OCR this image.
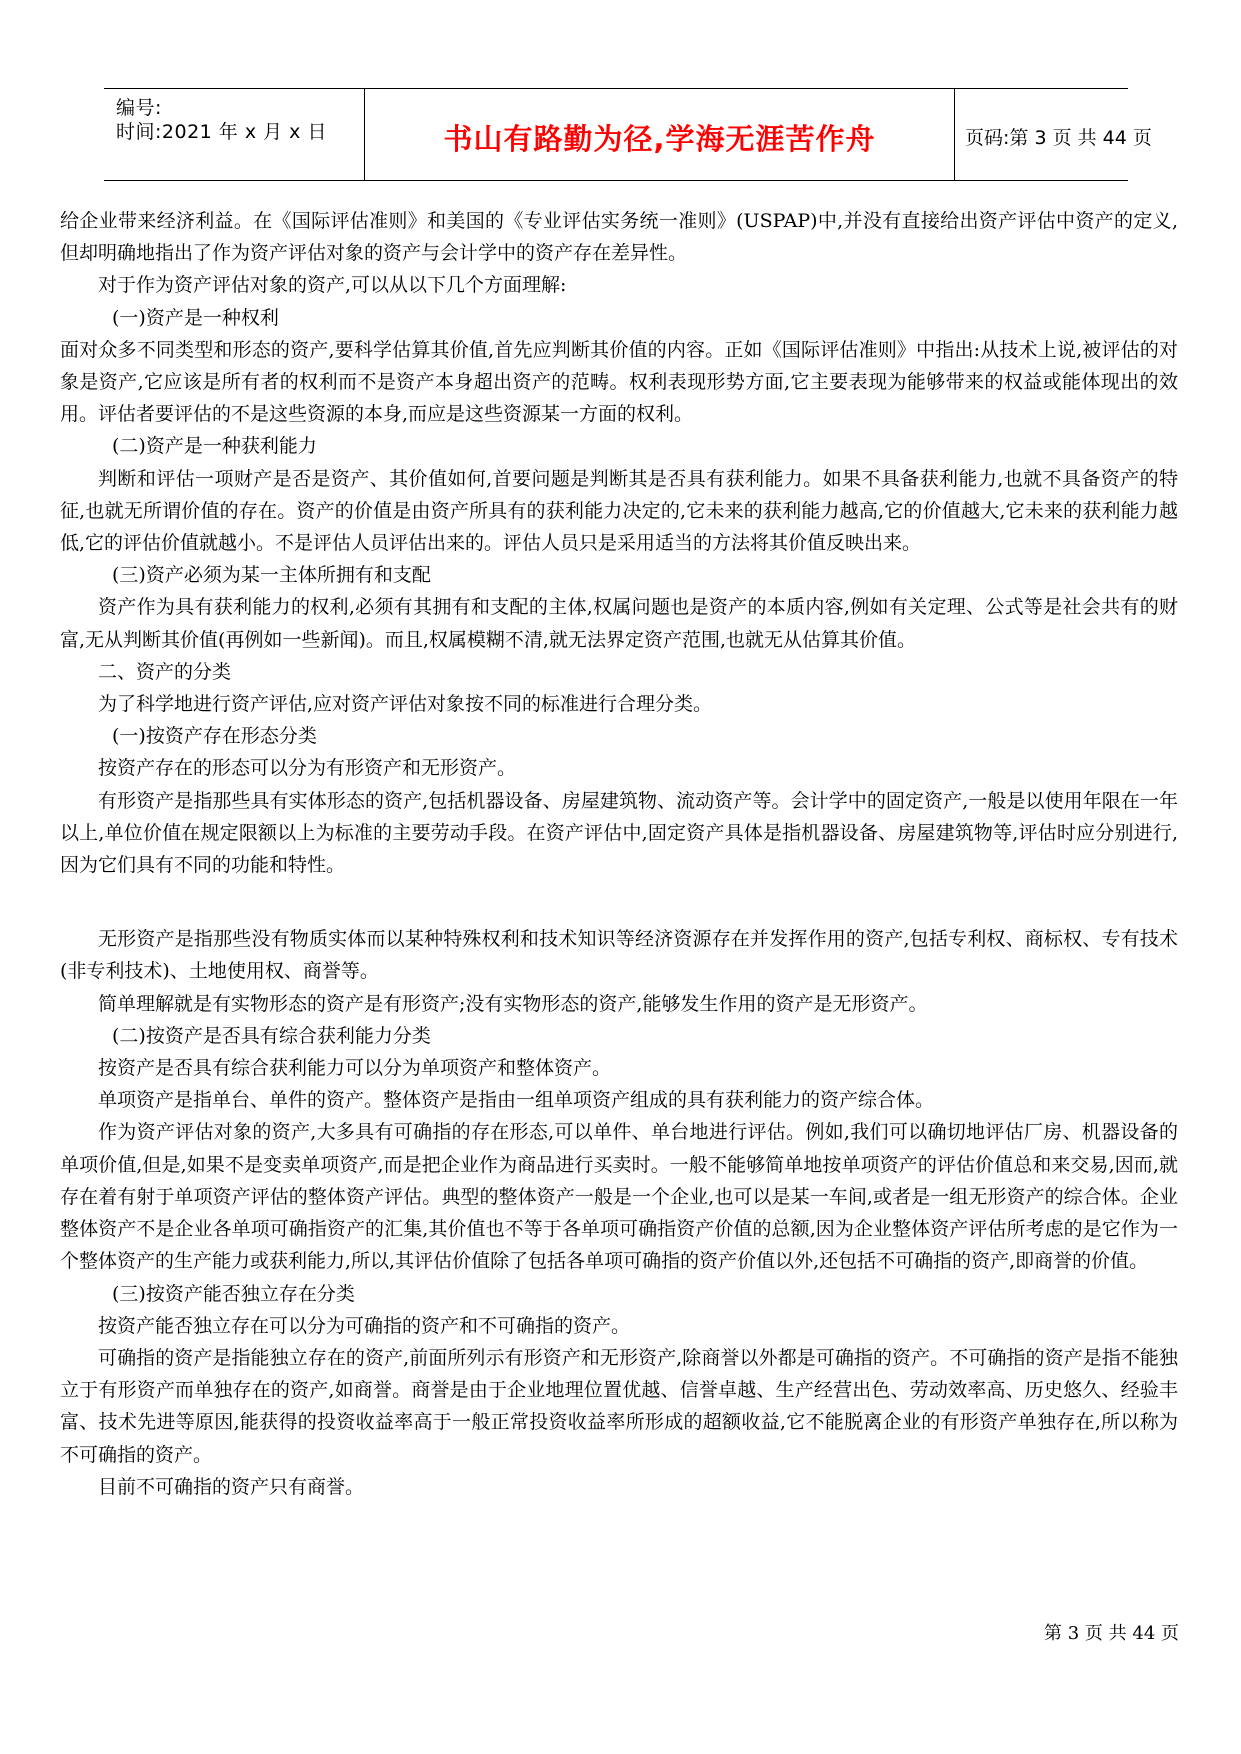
编号:
时间:2021 年 x 月 x 日	书山有路勤为径,学海无涯苦作舟	页码:第 3 页 共 44 页

给企业带来经济利益。在《国际评估准则》和美国的《专业评估实务统一准则》(USPAP)中,并没有直接给出资产评估中资产的定义,但却明确地指出了作为资产评估对象的资产与会计学中的资产存在差异性。

对于作为资产评估对象的资产,可以从以下几个方面理解:

(一)资产是一种权利

面对众多不同类型和形态的资产,要科学估算其价值,首先应判断其价值的内容。正如《国际评估准则》中指出:从技术上说,被评估的对象是资产,它应该是所有者的权利而不是资产本身超出资产的范畴。权利表现形势方面,它主要表现为能够带来的权益或能体现出的效用。评估者要评估的不是这些资源的本身,而应是这些资源某一方面的权利。

(二)资产是一种获利能力

判断和评估一项财产是否是资产、其价值如何,首要问题是判断其是否具有获利能力。如果不具备获利能力,也就不具备资产的特征,也就无所谓价值的存在。资产的价值是由资产所具有的获利能力决定的,它未来的获利能力越高,它的价值越大,它未来的获利能力越低,它的评估价值就越小。不是评估人员评估出来的。评估人员只是采用适当的方法将其价值反映出来。

(三)资产必须为某一主体所拥有和支配

资产作为具有获利能力的权利,必须有其拥有和支配的主体,权属问题也是资产的本质内容,例如有关定理、公式等是社会共有的财富,无从判断其价值(再例如一些新闻)。而且,权属模糊不清,就无法界定资产范围,也就无从估算其价值。

二、资产的分类

为了科学地进行资产评估,应对资产评估对象按不同的标准进行合理分类。

(一)按资产存在形态分类

按资产存在的形态可以分为有形资产和无形资产。

有形资产是指那些具有实体形态的资产,包括机器设备、房屋建筑物、流动资产等。会计学中的固定资产,一般是以使用年限在一年以上,单位价值在规定限额以上为标准的主要劳动手段。在资产评估中,固定资产具体是指机器设备、房屋建筑物等,评估时应分别进行,因为它们具有不同的功能和特性。

无形资产是指那些没有物质实体而以某种特殊权利和技术知识等经济资源存在并发挥作用的资产,包括专利权、商标权、专有技术(非专利技术)、土地使用权、商誉等。

简单理解就是有实物形态的资产是有形资产;没有实物形态的资产,能够发生作用的资产是无形资产。

(二)按资产是否具有综合获利能力分类

按资产是否具有综合获利能力可以分为单项资产和整体资产。

单项资产是指单台、单件的资产。整体资产是指由一组单项资产组成的具有获利能力的资产综合体。

作为资产评估对象的资产,大多具有可确指的存在形态,可以单件、单台地进行评估。例如,我们可以确切地评估厂房、机器设备的单项价值,但是,如果不是变卖单项资产,而是把企业作为商品进行买卖时。一般不能够简单地按单项资产的评估价值总和来交易,因而,就存在着有射于单项资产评估的整体资产评估。典型的整体资产一般是一个企业,也可以是某一车间,或者是一组无形资产的综合体。企业整体资产不是企业各单项可确指资产的汇集,其价值也不等于各单项可确指资产价值的总额,因为企业整体资产评估所考虑的是它作为一个整体资产的生产能力或获利能力,所以,其评估价值除了包括各单项可确指的资产价值以外,还包括不可确指的资产,即商誉的价值。

(三)按资产能否独立存在分类

按资产能否独立存在可以分为可确指的资产和不可确指的资产。

可确指的资产是指能独立存在的资产,前面所列示有形资产和无形资产,除商誉以外都是可确指的资产。不可确指的资产是指不能独立于有形资产而单独存在的资产,如商誉。商誉是由于企业地理位置优越、信誉卓越、生产经营出色、劳动效率高、历史悠久、经验丰富、技术先进等原因,能获得的投资收益率高于一般正常投资收益率所形成的超额收益,它不能脱离企业的有形资产单独存在,所以称为不可确指的资产。

目前不可确指的资产只有商誉。

第 3 页 共 44 页
